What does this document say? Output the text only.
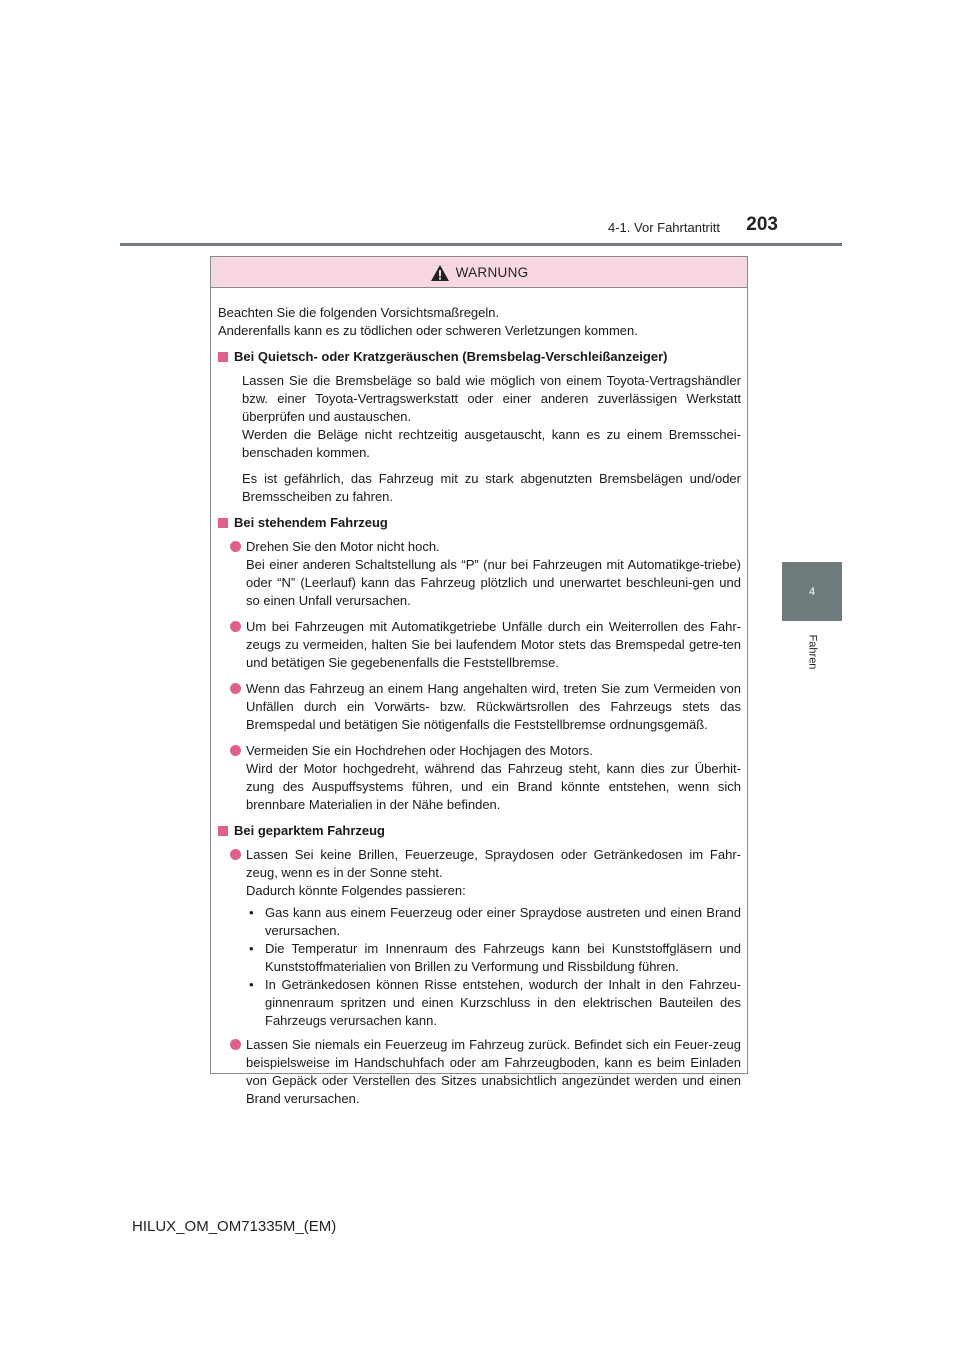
4-1. Vor Fahrtantritt 203
4
Fahren
WARNUNG

Beachten Sie die folgenden Vorsichtsmaßregeln.

Anderenfalls kann es zu tödlichen oder schweren Verletzungen kommen.

Bei Quietsch- oder Kratzgeräuschen (Bremsbelag-Verschleißanzeiger)

Lassen Sie die Bremsbeläge so bald wie möglich von einem Toyota-Vertragshändler bzw. einer Toyota-Vertragswerkstatt oder einer anderen zuverlässigen Werkstatt überprüfen und austauschen.
Werden die Beläge nicht rechtzeitig ausgetauscht, kann es zu einem Bremsschei-benschaden kommen.

Es ist gefährlich, das Fahrzeug mit zu stark abgenutzten Bremsbelägen und/oder Bremsscheiben zu fahren.

Bei stehendem Fahrzeug
Drehen Sie den Motor nicht hoch.
Bei einer anderen Schaltstellung als “P” (nur bei Fahrzeugen mit Automatikge-triebe) oder “N” (Leerlauf) kann das Fahrzeug plötzlich und unerwartet beschleuni-gen und so einen Unfall verursachen.
Um bei Fahrzeugen mit Automatikgetriebe Unfälle durch ein Weiterrollen des Fahr-zeugs zu vermeiden, halten Sie bei laufendem Motor stets das Bremspedal getre-ten und betätigen Sie gegebenenfalls die Feststellbremse.
Wenn das Fahrzeug an einem Hang angehalten wird, treten Sie zum Vermeiden von Unfällen durch ein Vorwärts- bzw. Rückwärtsrollen des Fahrzeugs stets das Bremspedal und betätigen Sie nötigenfalls die Feststellbremse ordnungsgemäß.
Vermeiden Sie ein Hochdrehen oder Hochjagen des Motors.
Wird der Motor hochgedreht, während das Fahrzeug steht, kann dies zur Überhit-zung des Auspuffsystems führen, und ein Brand könnte entstehen, wenn sich brennbare Materialien in der Nähe befinden.
Bei geparktem Fahrzeug
Lassen Sei keine Brillen, Feuerzeuge, Spraydosen oder Getränkedosen im Fahr-zeug, wenn es in der Sonne steht.
Dadurch könnte Folgendes passieren:
• Gas kann aus einem Feuerzeug oder einer Spraydose austreten und einen Brand verursachen.
• Die Temperatur im Innenraum des Fahrzeugs kann bei Kunststoffgläsern und Kunststoffmaterialien von Brillen zu Verformung und Rissbildung führen.
• In Getränkedosen können Risse entstehen, wodurch der Inhalt in den Fahrzeu-ginnenraum spritzen und einen Kurzschluss in den elektrischen Bauteilen des Fahrzeugs verursachen kann.
Lassen Sie niemals ein Feuerzeug im Fahrzeug zurück. Befindet sich ein Feuer-zeug beispielsweise im Handschuhfach oder am Fahrzeugboden, kann es beim Einladen von Gepäck oder Verstellen des Sitzes unabsichtlich angezündet werden und einen Brand verursachen.
HILUX_OM_OM71335M_(EM)
